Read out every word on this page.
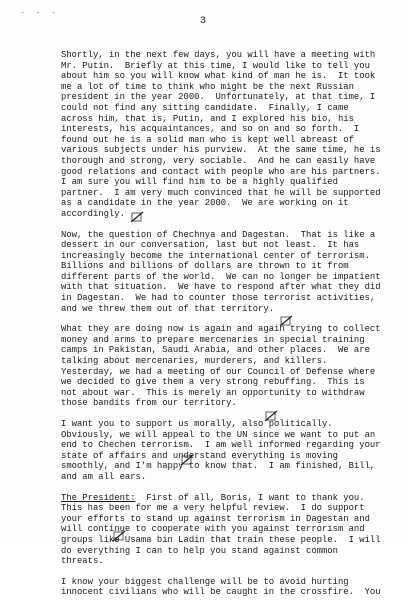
- - -
3
Shortly, in the next few days, you will have a meeting with
Mr. Putin.  Briefly at this time, I would like to tell you
about him so you will know what kind of man he is.  It took
me a lot of time to think who might be the next Russian
president in the year 2000.  Unfortunately, at that time, I
could not find any sitting candidate.  Finally, I came
across him, that is, Putin, and I explored his bio, his
interests, his acquaintances, and so on and so forth.  I
found out he is a solid man who is kept well abreast of
various subjects under his purview.  At the same time, he is
thorough and strong, very sociable.  And he can easily have
good relations and contact with people who are his partners.
I am sure you will find him to be a highly qualified
partner.  I am very much convinced that he will be supported
as a candidate in the year 2000.  We are working on it
accordingly.
Now, the question of Chechnya and Dagestan.  That is like a
dessert in our conversation, last but not least.  It has
increasingly become the international center of terrorism.
Billions and billions of dollars are thrown to it from
different parts of the world.  We can no longer be impatient
with that situation.  We have to respond after what they did
in Dagestan.  We had to counter those terrorist activities,
and we threw them out of that territory.
What they are doing now is again and again trying to collect
money and arms to prepare mercenaries in special training
camps in Pakistan, Saudi Arabia, and other places.  We are
talking about mercenaries, murderers, and killers.
Yesterday, we had a meeting of our Council of Defense where
we decided to give them a very strong rebuffing.  This is
not about war.  This is merely an opportunity to withdraw
those bandits from our territory.
I want you to support us morally, also politically.
Obviously, we will appeal to the UN since we want to put an
end to Chechen terrorism.  I am well informed regarding your
state of affairs and understand everything is moving
smoothly, and I'm happy to know that.  I am finished, Bill,
and am all ears.
The President:  First of all, Boris, I want to thank you.
This has been for me a very helpful review.  I do support
your efforts to stand up against terrorism in Dagestan and
will continue to cooperate with you against terrorism and
groups like Usama bin Ladin that train these people.  I will
do everything I can to help you stand against common
threats.
I know your biggest challenge will be to avoid hurting
innocent civilians who will be caught in the crossfire.  You
